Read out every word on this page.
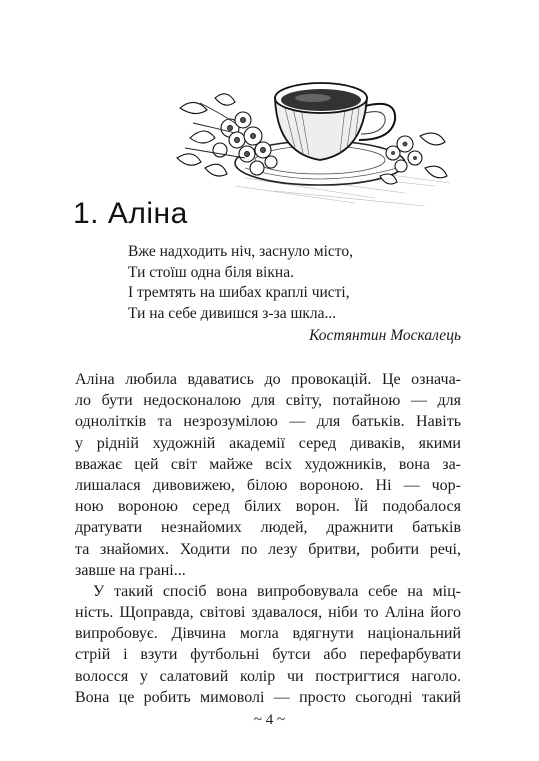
1. Аліна
Вже надходить ніч, заснуло місто,
Ти стоїш одна біля вікна.
І тремтять на шибах краплі чисті,
Ти на себе дивишся з-за шкла...
Костянтин Москалець
Аліна любила вдаватись до провокацій. Це означа-
ло бути недосконалою для світу, потайною — для
однолітків та незрозумілою — для батьків. Навіть
у рідній художній академії серед диваків, якими
вважає цей світ майже всіх художників, вона за-
лишалася дивовижею, білою вороною. Ні — чор-
ною вороною серед білих ворон. Їй подобалося
дратувати незнайомих людей, дражнити батьків
та знайомих. Ходити по лезу бритви, робити речі,
завше на грані...
У такий спосіб вона випробовувала себе на міц-
ність. Щоправда, світові здавалося, ніби то Аліна його
випробовує. Дівчина могла вдягнути національний
стрій і взути футбольні бутси або перефарбувати
волосся у салатовий колір чи постригтися наголо.
Вона це робить мимоволі — просто сьогодні такий
~ 4 ~
